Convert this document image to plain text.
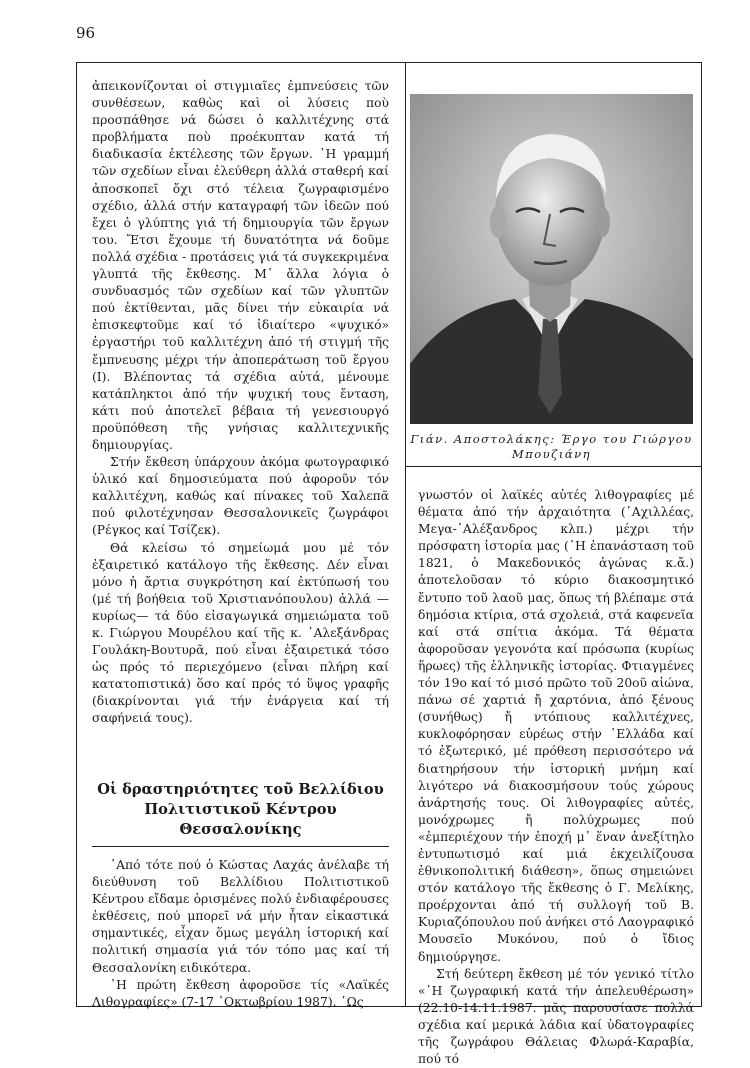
96

ἀπεικονίζονται οἱ στιγμιαῖες ἐμπνεύσεις τῶν συνθέσεων, καθὼς καὶ οἱ λύσεις ποὺ προσπάθησε νά δώσει ὁ καλλιτέχνης στά προβλήματα ποὺ προέκυπταν κατά τή διαδικασία ἐκτέλεσης τῶν ἔργων. ῾Η γραμμή τῶν σχεδίων εἶναι ἐλεύθερη ἀλλά σταθερή καί ἀποσκοπεῖ ὄχι στό τέλεια ζωγραφισμένο σχέδιο, ἀλλά στήν καταγραφή τῶν ἰδεῶν πού ἔχει ὁ γλύπτης γιά τή δημιουργία τῶν ἔργων του. Ἔτσι ἔχουμε τή δυνατότητα νά δοῦμε πολλά σχέδια - προτάσεις γιά τά συγκεκριμένα γλυπτά τῆς ἔκθεσης. Μ᾿ ἄλλα λόγια ὁ συνδυασμός τῶν σχεδίων καί τῶν γλυπτῶν πού ἐκτίθενται, μᾶς δίνει τήν εὐκαιρία νά ἐπισκεφτοῦμε καί τό ἰδιαίτερο «ψυχικό» ἐργαστήρι τοῦ καλλιτέχνη ἀπό τή στιγμή τῆς ἔμπνευσης μέχρι τήν ἀποπεράτωση τοῦ ἔργου (Ι). Βλέποντας τά σχέδια αὐτά, μένουμε κατάπληκτοι ἀπό τήν ψυχική τους ἔνταση, κάτι πού ἀποτελεῖ βέβαια τή γενεσιουργό προϋπόθεση τῆς γνήσιας καλλιτεχνικῆς δημιουργίας.

Στήν ἔκθεση ὑπάρχουν ἀκόμα φωτογραφικό ὑλικό καί δημοσιεύματα πού ἀφοροῦν τόν καλλιτέχνη, καθώς καί πίνακες τοῦ Χαλεπᾶ πού φιλοτέχνησαν Θεσσαλονικεῖς ζωγράφοι (Ρέγκος καί Τσίζεκ).

Θά κλείσω τό σημείωμά μου μέ τόν ἐξαιρετικό κατάλογο τῆς ἔκθεσης. Δέν εἶναι μόνο ἡ ἄρτια συγκρότηση καί ἐκτύπωσή του (μέ τή βοήθεια τοῦ Χριστιανόπουλου) ἀλλά —κυρίως— τά δύο εἰσαγωγικά σημειώματα τοῦ κ. Γιώργου Μουρέλου καί τῆς κ. ᾿Αλεξάνδρας Γουλάκη-Βουτυρᾶ, πού εἶναι ἐξαιρετικά τόσο ὡς πρός τό περιεχόμενο (εἶναι πλήρη καί κατατοπιστικά) ὅσο καί πρός τό ὕψος γραφῆς (διακρίνονται γιά τήν ἐνάργεια καί τή σαφήνειά τους).

Οἱ δραστηριότητες τοῦ Βελλίδιου Πολιτιστικοῦ Κέντρου Θεσσαλονίκης

᾿Από τότε πού ὁ Κώστας Λαχάς ἀνέλαβε τή διεύθυνση τοῦ Βελλίδιου Πολιτιστικοῦ Κέντρου εἴδαμε ὁρισμένες πολύ ἐνδιαφέρουσες ἐκθέσεις, πού μπορεῖ νά μήν ἦταν εἰκαστικά σημαντικές, εἶχαν ὅμως μεγάλη ἱστορική καί πολιτική σημασία γιά τόν τόπο μας καί τή Θεσσαλονίκη ειδικότερα.

῾Η πρώτη ἔκθεση ἀφοροῦσε τίς «Λαϊκές Λιθογραφίες» (7-17 ᾿Οκτωβρίου 1987). ῾Ως

Γιάν. Αποστολάκης: Έργο του Γιώργου Μπουζιάνη

γνωστόν οἱ λαϊκές αὐτές λιθογραφίες μέ θέματα ἀπό τήν ἀρχαιότητα (᾿Αχιλλέας, Μεγα-᾿Αλέξανδρος κλπ.) μέχρι τήν πρόσφατη ἱστορία μας (῾Η ἐπανάσταση τοῦ 1821, ὁ Μακεδονικός ἀγώνας κ.ἄ.) ἀποτελοῦσαν τό κύριο διακοσμητικό ἔντυπο τοῦ λαοῦ μας, ὅπως τή βλέπαμε στά δημόσια κτίρια, στά σχολειά, στά καφενεῖα καί στά σπίτια ἀκόμα. Τά θέματα ἀφοροῦσαν γεγονότα καί πρόσωπα (κυρίως ἥρωες) τῆς ἑλληνικῆς ἱστορίας. Φτιαγμένες τόν 19ο καί τό μισό πρῶτο τοῦ 20οῦ αἰώνα, πάνω σέ χαρτιά ἤ χαρτόνια, ἀπό ξένους (συνήθως) ἤ ντόπιους καλλιτέχνες, κυκλοφόρησαν εὐρέως στήν ῾Ελλάδα καί τό ἐξωτερικό, μέ πρόθεση περισσότερο νά διατηρήσουν τήν ἱστορική μνήμη καί λιγότερο νά διακοσμήσουν τούς χώρους ἀνάρτησής τους. Οἱ λιθογραφίες αὐτές, μονόχρωμες ἤ πολύχρωμες πού «ἐμπεριέχουν τήν ἐποχή μ᾿ ἕναν ἀνεξίτηλο ἐντυπωτισμό καί μιά ἐκχειλίζουσα ἐθνικοπολιτική διάθεση», ὅπως σημειώνει στόν κατάλογο τῆς ἔκθεσης ὁ Γ. Μελίκης, προέρχονται ἀπό τή συλλογή τοῦ Β. Κυριαζόπουλου πού ἀνήκει στό Λαογραφικό Μουσεῖο Μυκόνου, πού ὁ ἴδιος δημιούργησε.

Στή δεύτερη ἔκθεση μέ τόν γενικό τίτλο «῾Η ζωγραφική κατά τήν ἀπελευθέρωση» (22.10-14.11.1987. μᾶς παρουσίασε πολλά σχέδια καί μερικά λάδια καί ὑδατογραφίες τῆς ζωγράφου Θάλειας Φλωρά-Καραβία, πού τό
